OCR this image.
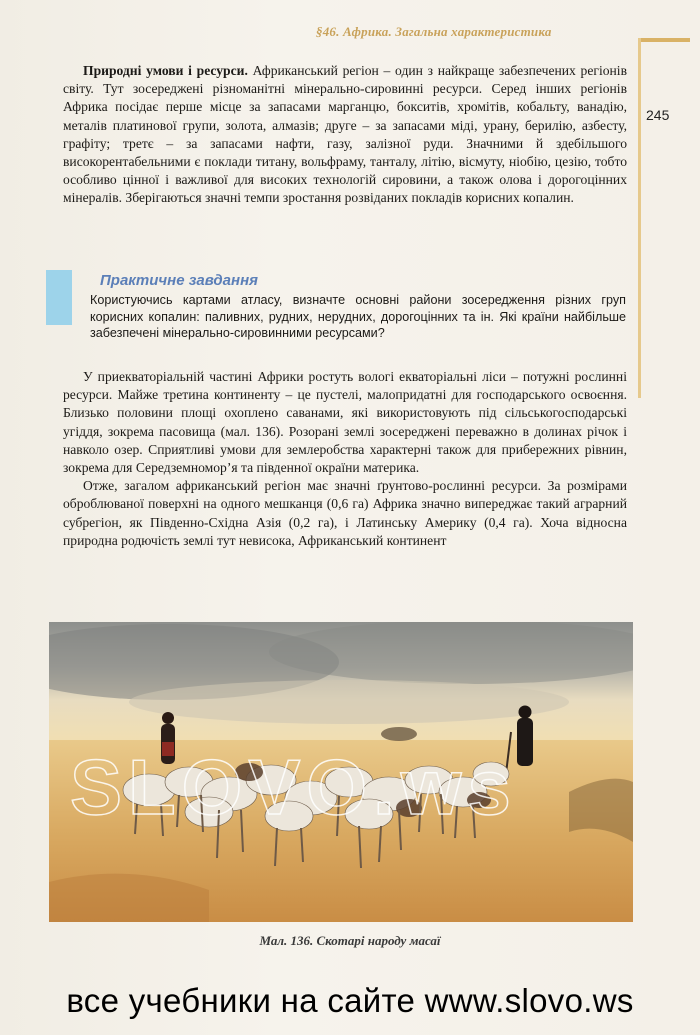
§46. Африка. Загальна характеристика
245

Природні умови і ресурси. Африканський регіон – один з найкраще забезпечених регіонів світу. Тут зосереджені різноманітні мінерально-сировинні ресурси. Серед інших регіонів Африка посідає перше місце за запасами марганцю, бокситів, хромітів, кобальту, ванадію, металів платинової групи, золота, алмазів; друге – за запасами міді, урану, берилію, азбесту, графіту; третє – за запасами нафти, газу, залізної руди. Значними й здебільшого високорентабельними є поклади титану, вольфраму, танталу, літію, вісмуту, ніобію, цезію, тобто особливо цінної і важливої для високих технологій сировини, а також олова і дорогоцінних мінералів. Зберігаються значні темпи зростання розвіданих покладів корисних копалин.

Практичне завдання
Користуючись картами атласу, визначте основні райони зосередження різних груп корисних копалин: паливних, рудних, нерудних, дорогоцінних та ін. Які країни найбільше забезпечені мінерально-сировинними ресурсами?

У приекваторіальній частині Африки ростуть вологі екваторіальні ліси – потужні рослинні ресурси. Майже третина континенту – це пустелі, малопридатні для господарського освоєння. Близько половини площі охоплено саванами, які використовують під сільськогосподарські угіддя, зокрема пасовища (мал. 136). Розорані землі зосереджені переважно в долинах річок і навколо озер. Сприятливі умови для землеробства характерні також для прибережних рівнин, зокрема для Середземномор’я та південної окраїни материка.

Отже, загалом африканський регіон має значні ґрунтово-рослинні ресурси. За розмірами оброблюваної поверхні на одного мешканця (0,6 га) Африка значно випереджає такий аграрний субрегіон, як Південно-Східна Азія (0,2 га), і Латинську Америку (0,4 га). Хоча відносна природна родючість землі тут невисока, Африканський континент

SLOVO.ws
Мал. 136. Скотарі народу масаї
все учебники на сайте www.slovo.ws
